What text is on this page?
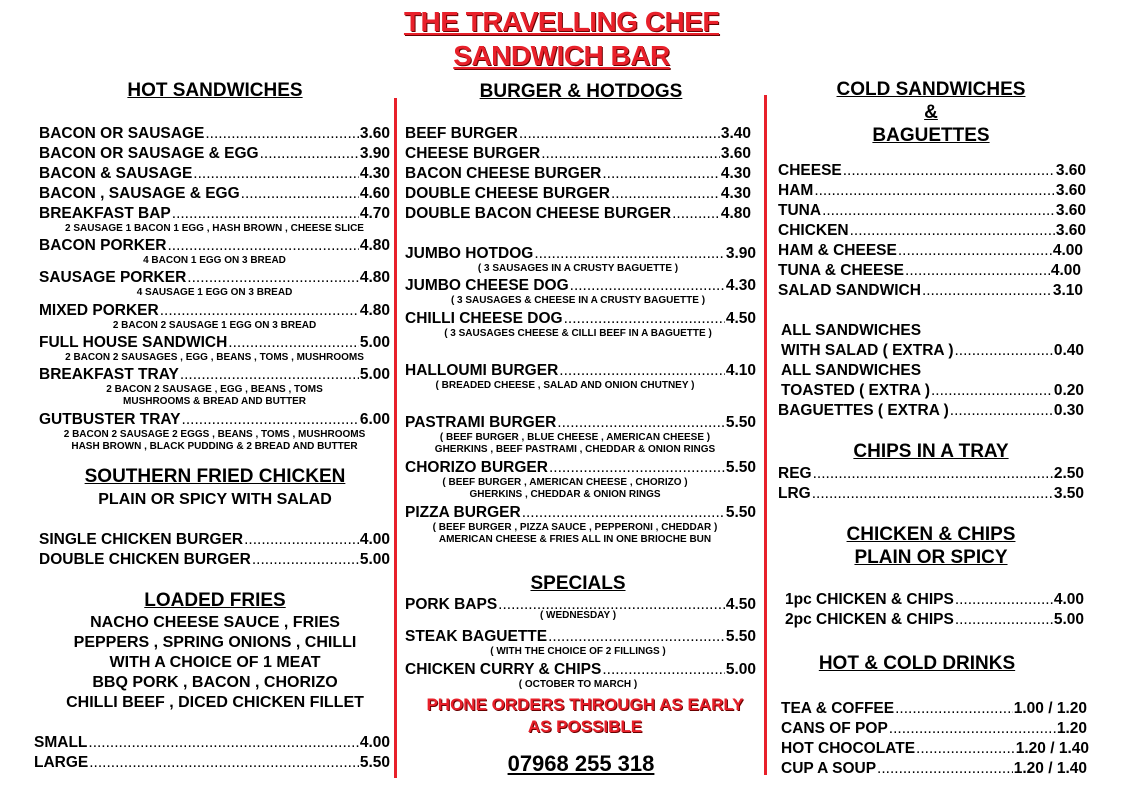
THE TRAVELLING CHEF
SANDWICH BAR
HOT SANDWICHES
BACON OR SAUSAGE .....	3.60
BACON OR SAUSAGE & EGG .....	3.90
BACON & SAUSAGE .....	4.30
BACON , SAUSAGE & EGG .....	4.60
BREAKFAST BAP .....	4.70
2 SAUSAGE 1 BACON 1 EGG , HASH BROWN , CHEESE SLICE
BACON PORKER .....	4.80
4 BACON 1 EGG ON 3 BREAD
SAUSAGE PORKER .....	4.80
4 SAUSAGE 1 EGG ON 3 BREAD
MIXED PORKER .....	4.80
2 BACON 2 SAUSAGE 1 EGG ON 3 BREAD
FULL HOUSE SANDWICH .....	5.00
2 BACON 2 SAUSAGES , EGG , BEANS , TOMS , MUSHROOMS
BREAKFAST TRAY .....	5.00
2 BACON 2 SAUSAGE , EGG , BEANS , TOMS
MUSHROOMS & BREAD AND BUTTER
GUTBUSTER TRAY .....	6.00
2 BACON 2 SAUSAGE 2 EGGS , BEANS , TOMS , MUSHROOMS
HASH BROWN , BLACK PUDDING & 2 BREAD AND BUTTER
SOUTHERN FRIED CHICKEN
PLAIN OR SPICY WITH SALAD
SINGLE CHICKEN BURGER .....	4.00
DOUBLE CHICKEN BURGER .....	5.00
LOADED FRIES
NACHO CHEESE SAUCE , FRIES
PEPPERS , SPRING ONIONS , CHILLI
WITH A CHOICE OF 1 MEAT
BBQ PORK , BACON , CHORIZO
CHILLI BEEF , DICED CHICKEN FILLET
SMALL .....	4.00
LARGE .....	5.50
BURGER & HOTDOGS
BEEF BURGER .....	3.40
CHEESE BURGER .....	3.60
BACON CHEESE BURGER .....	4.30
DOUBLE CHEESE BURGER .....	4.30
DOUBLE BACON CHEESE BURGER .....	4.80
JUMBO HOTDOG .....	3.90
( 3 SAUSAGES IN A CRUSTY BAGUETTE )
JUMBO CHEESE DOG .....	4.30
( 3 SAUSAGES & CHEESE IN A CRUSTY BAGUETTE )
CHILLI CHEESE DOG .....	4.50
( 3 SAUSAGES CHEESE & CILLI BEEF IN A BAGUETTE )
HALLOUMI BURGER .....	4.10
( BREADED CHEESE , SALAD AND ONION CHUTNEY )
PASTRAMI BURGER .....	5.50
( BEEF BURGER , BLUE CHEESE , AMERICAN CHEESE )
GHERKINS , BEEF PASTRAMI , CHEDDAR & ONION RINGS
CHORIZO BURGER .....	5.50
( BEEF BURGER , AMERICAN CHEESE , CHORIZO )
GHERKINS , CHEDDAR & ONION RINGS
PIZZA BURGER .....	5.50
( BEEF BURGER , PIZZA SAUCE , PEPPERONI , CHEDDAR )
AMERICAN CHEESE & FRIES ALL IN ONE BRIOCHE BUN
SPECIALS
PORK BAPS .....	4.50
( WEDNESDAY )
STEAK BAGUETTE .....	5.50
( WITH THE CHOICE OF 2 FILLINGS )
CHICKEN CURRY & CHIPS .....	5.00
( OCTOBER TO MARCH )
PHONE ORDERS THROUGH AS EARLY
AS POSSIBLE
07968 255 318
COLD SANDWICHES
&
BAGUETTES
CHEESE .....	3.60
HAM .....	3.60
TUNA .....	3.60
CHICKEN .....	3.60
HAM & CHEESE .....	4.00
TUNA & CHEESE .....	4.00
SALAD SANDWICH .....	3.10
ALL SANDWICHES
WITH SALAD ( EXTRA ) .....	0.40
ALL SANDWICHES
TOASTED ( EXTRA ) .....	0.20
BAGUETTES ( EXTRA ) .....	0.30
CHIPS IN A TRAY
REG .....	2.50
LRG .....	3.50
CHICKEN & CHIPS
PLAIN OR SPICY
1pc CHICKEN & CHIPS .....	4.00
2pc CHICKEN & CHIPS .....	5.00
HOT & COLD DRINKS
TEA & COFFEE .....	1.00 / 1.20
CANS OF POP .....	1.20
HOT CHOCOLATE .....	1.20 / 1.40
CUP A SOUP .....	1.20 / 1.40
